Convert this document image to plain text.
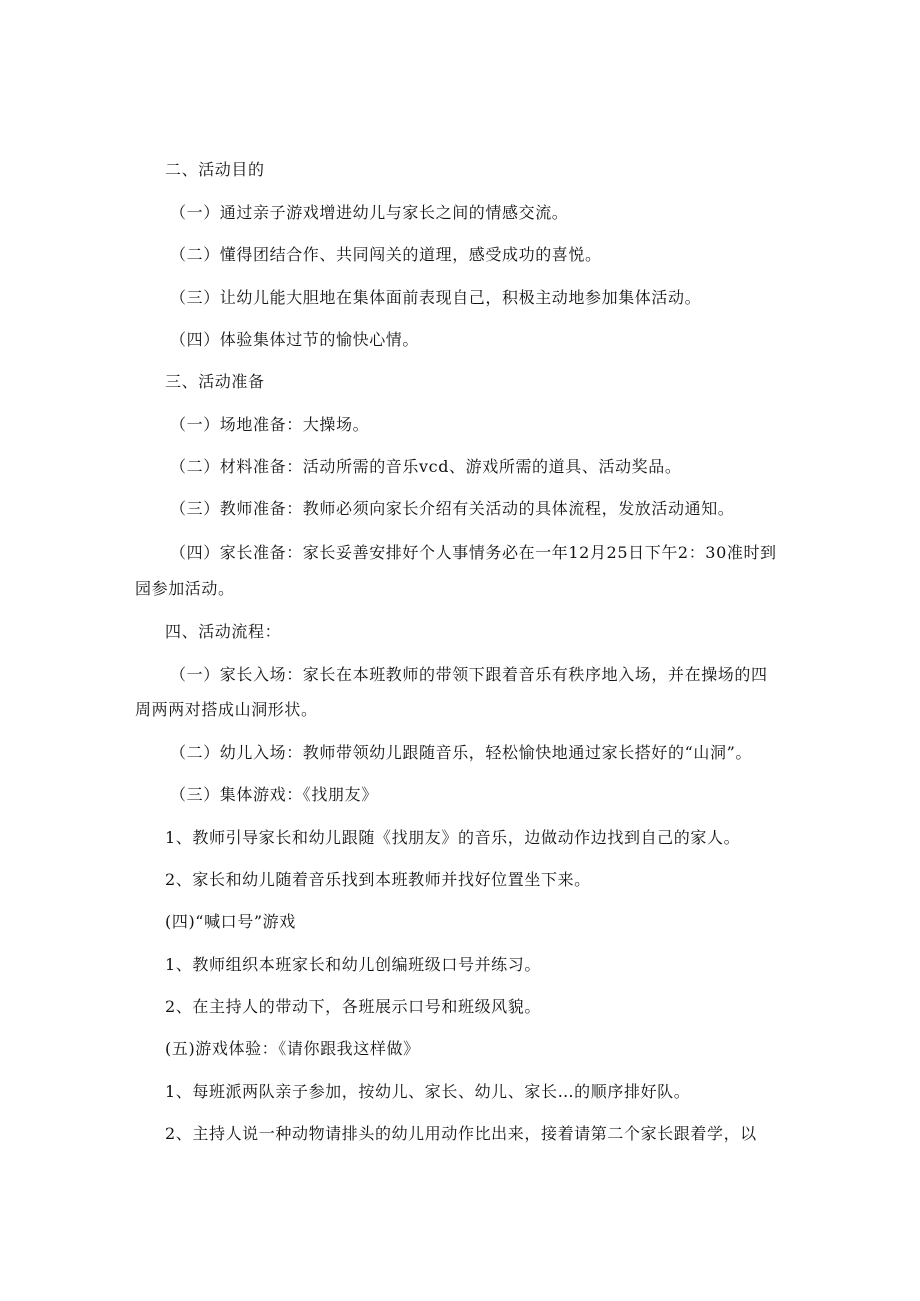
二、活动目的
（一）通过亲子游戏增进幼儿与家长之间的情感交流。
（二）懂得团结合作、共同闯关的道理，感受成功的喜悦。
（三）让幼儿能大胆地在集体面前表现自己，积极主动地参加集体活动。
（四）体验集体过节的愉快心情。
三、活动准备
（一）场地准备：大操场。
（二）材料准备：活动所需的音乐vcd、游戏所需的道具、活动奖品。
（三）教师准备：教师必须向家长介绍有关活动的具体流程，发放活动通知。
（四）家长准备：家长妥善安排好个人事情务必在一年12月25日下午2：30准时到
园参加活动。
四、活动流程：
（一）家长入场：家长在本班教师的带领下跟着音乐有秩序地入场，并在操场的四
周两两对搭成山洞形状。
（二）幼儿入场：教师带领幼儿跟随音乐，轻松愉快地通过家长搭好的“山洞”。
（三）集体游戏：《找朋友》
1、教师引导家长和幼儿跟随《找朋友》的音乐，边做动作边找到自己的家人。
2、家长和幼儿随着音乐找到本班教师并找好位置坐下来。
(四)“喊口号”游戏
1、教师组织本班家长和幼儿创编班级口号并练习。
2、在主持人的带动下，各班展示口号和班级风貌。
(五)游戏体验：《请你跟我这样做》
1、每班派两队亲子参加，按幼儿、家长、幼儿、家长…的顺序排好队。
2、主持人说一种动物请排头的幼儿用动作比出来，接着请第二个家长跟着学，以
